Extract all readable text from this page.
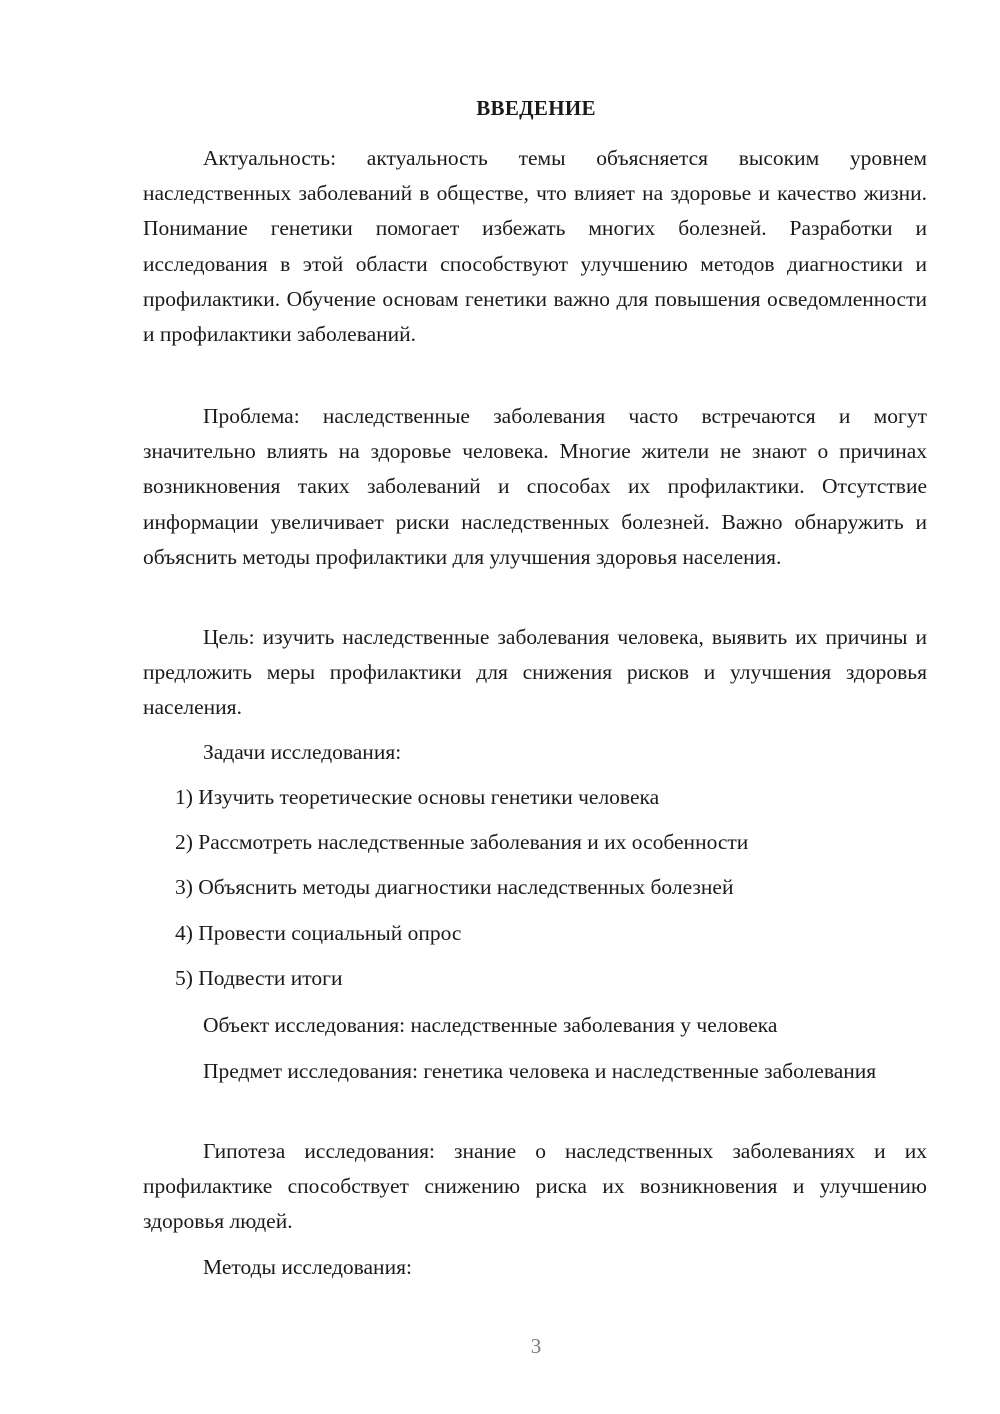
ВВЕДЕНИЕ

Актуальность: актуальность темы объясняется высоким уровнем наследственных заболеваний в обществе, что влияет на здоровье и качество жизни. Понимание генетики помогает избежать многих болезней. Разработки и исследования в этой области способствуют улучшению методов диагностики и профилактики. Обучение основам генетики важно для повышения осведомленности и профилактики заболеваний.

Проблема: наследственные заболевания часто встречаются и могут значительно влиять на здоровье человека. Многие жители не знают о причинах возникновения таких заболеваний и способах их профилактики. Отсутствие информации увеличивает риски наследственных болезней. Важно обнаружить и объяснить методы профилактики для улучшения здоровья населения.

Цель: изучить наследственные заболевания человека, выявить их причины и предложить меры профилактики для снижения рисков и улучшения здоровья населения.

Задачи исследования:

1) Изучить теоретические основы генетики человека

2) Рассмотреть наследственные заболевания и их особенности

3) Объяснить методы диагностики наследственных болезней

4) Провести социальный опрос

5) Подвести итоги

Объект исследования: наследственные заболевания у человека

Предмет исследования: генетика человека и наследственные заболевания

Гипотеза исследования: знание о наследственных заболеваниях и их профилактике способствует снижению риска их возникновения и улучшению здоровья людей.

Методы исследования:

3
